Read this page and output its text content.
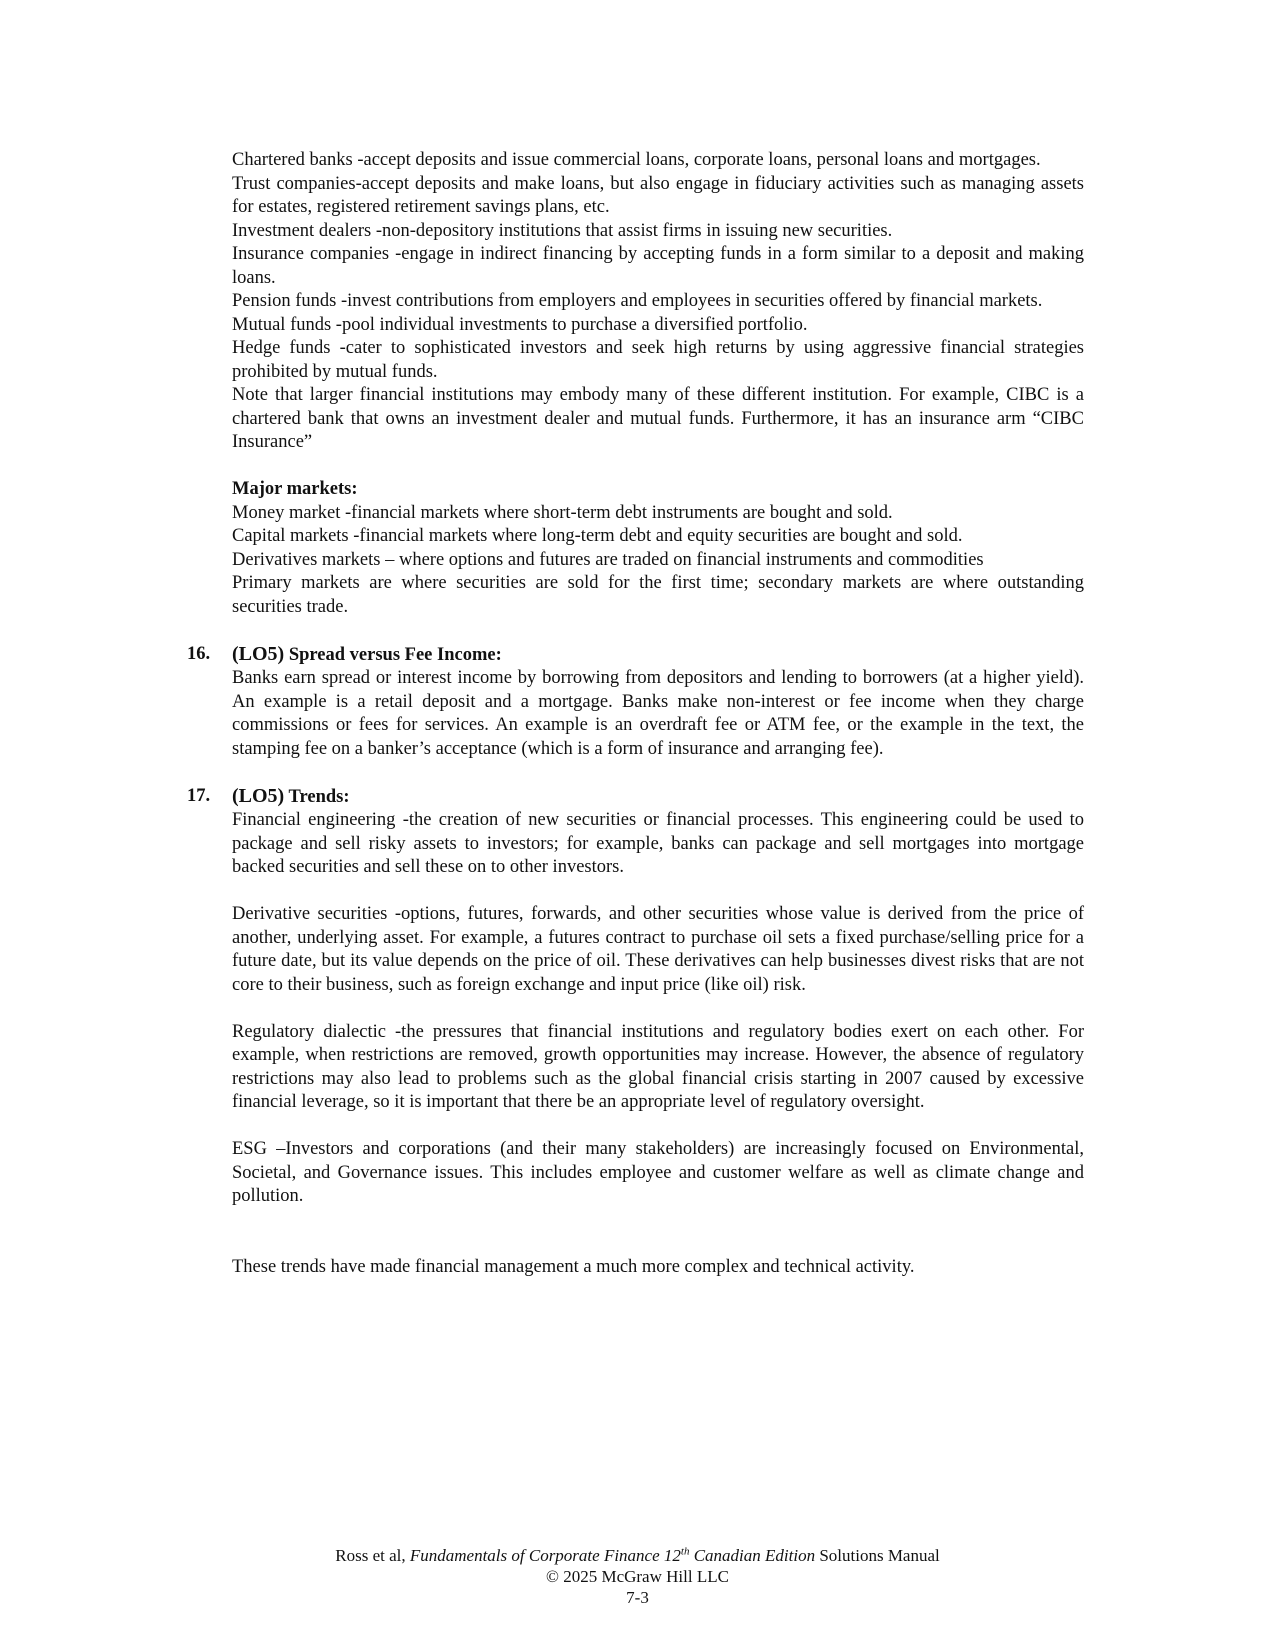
Chartered banks -accept deposits and issue commercial loans, corporate loans, personal loans and mortgages.

Trust companies-accept deposits and make loans, but also engage in fiduciary activities such as managing assets for estates, registered retirement savings plans, etc.

Investment dealers -non-depository institutions that assist firms in issuing new securities.

Insurance companies -engage in indirect financing by accepting funds in a form similar to a deposit and making loans.

Pension funds -invest contributions from employers and employees in securities offered by financial markets.

Mutual funds -pool individual investments to purchase a diversified portfolio.

Hedge funds -cater to sophisticated investors and seek high returns by using aggressive financial strategies prohibited by mutual funds.

Note that larger financial institutions may embody many of these different institution. For example, CIBC is a chartered bank that owns an investment dealer and mutual funds. Furthermore, it has an insurance arm “CIBC Insurance”

Major markets:

Money market -financial markets where short-term debt instruments are bought and sold.

Capital markets -financial markets where long-term debt and equity securities are bought and sold.

Derivatives markets – where options and futures are traded on financial instruments and commodities

Primary markets are where securities are sold for the first time; secondary markets are where outstanding securities trade.

16. (LO5) Spread versus Fee Income:

Banks earn spread or interest income by borrowing from depositors and lending to borrowers (at a higher yield). An example is a retail deposit and a mortgage. Banks make non-interest or fee income when they charge commissions or fees for services. An example is an overdraft fee or ATM fee, or the example in the text, the stamping fee on a banker’s acceptance (which is a form of insurance and arranging fee).

17. (LO5) Trends:

Financial engineering -the creation of new securities or financial processes. This engineering could be used to package and sell risky assets to investors; for example, banks can package and sell mortgages into mortgage backed securities and sell these on to other investors.

Derivative securities -options, futures, forwards, and other securities whose value is derived from the price of another, underlying asset. For example, a futures contract to purchase oil sets a fixed purchase/selling price for a future date, but its value depends on the price of oil. These derivatives can help businesses divest risks that are not core to their business, such as foreign exchange and input price (like oil) risk.

Regulatory dialectic -the pressures that financial institutions and regulatory bodies exert on each other. For example, when restrictions are removed, growth opportunities may increase. However, the absence of regulatory restrictions may also lead to problems such as the global financial crisis starting in 2007 caused by excessive financial leverage, so it is important that there be an appropriate level of regulatory oversight.

ESG –Investors and corporations (and their many stakeholders) are increasingly focused on Environmental, Societal, and Governance issues. This includes employee and customer welfare as well as climate change and pollution.

These trends have made financial management a much more complex and technical activity.

Ross et al, Fundamentals of Corporate Finance 12th Canadian Edition Solutions Manual
© 2025 McGraw Hill LLC
7-3
